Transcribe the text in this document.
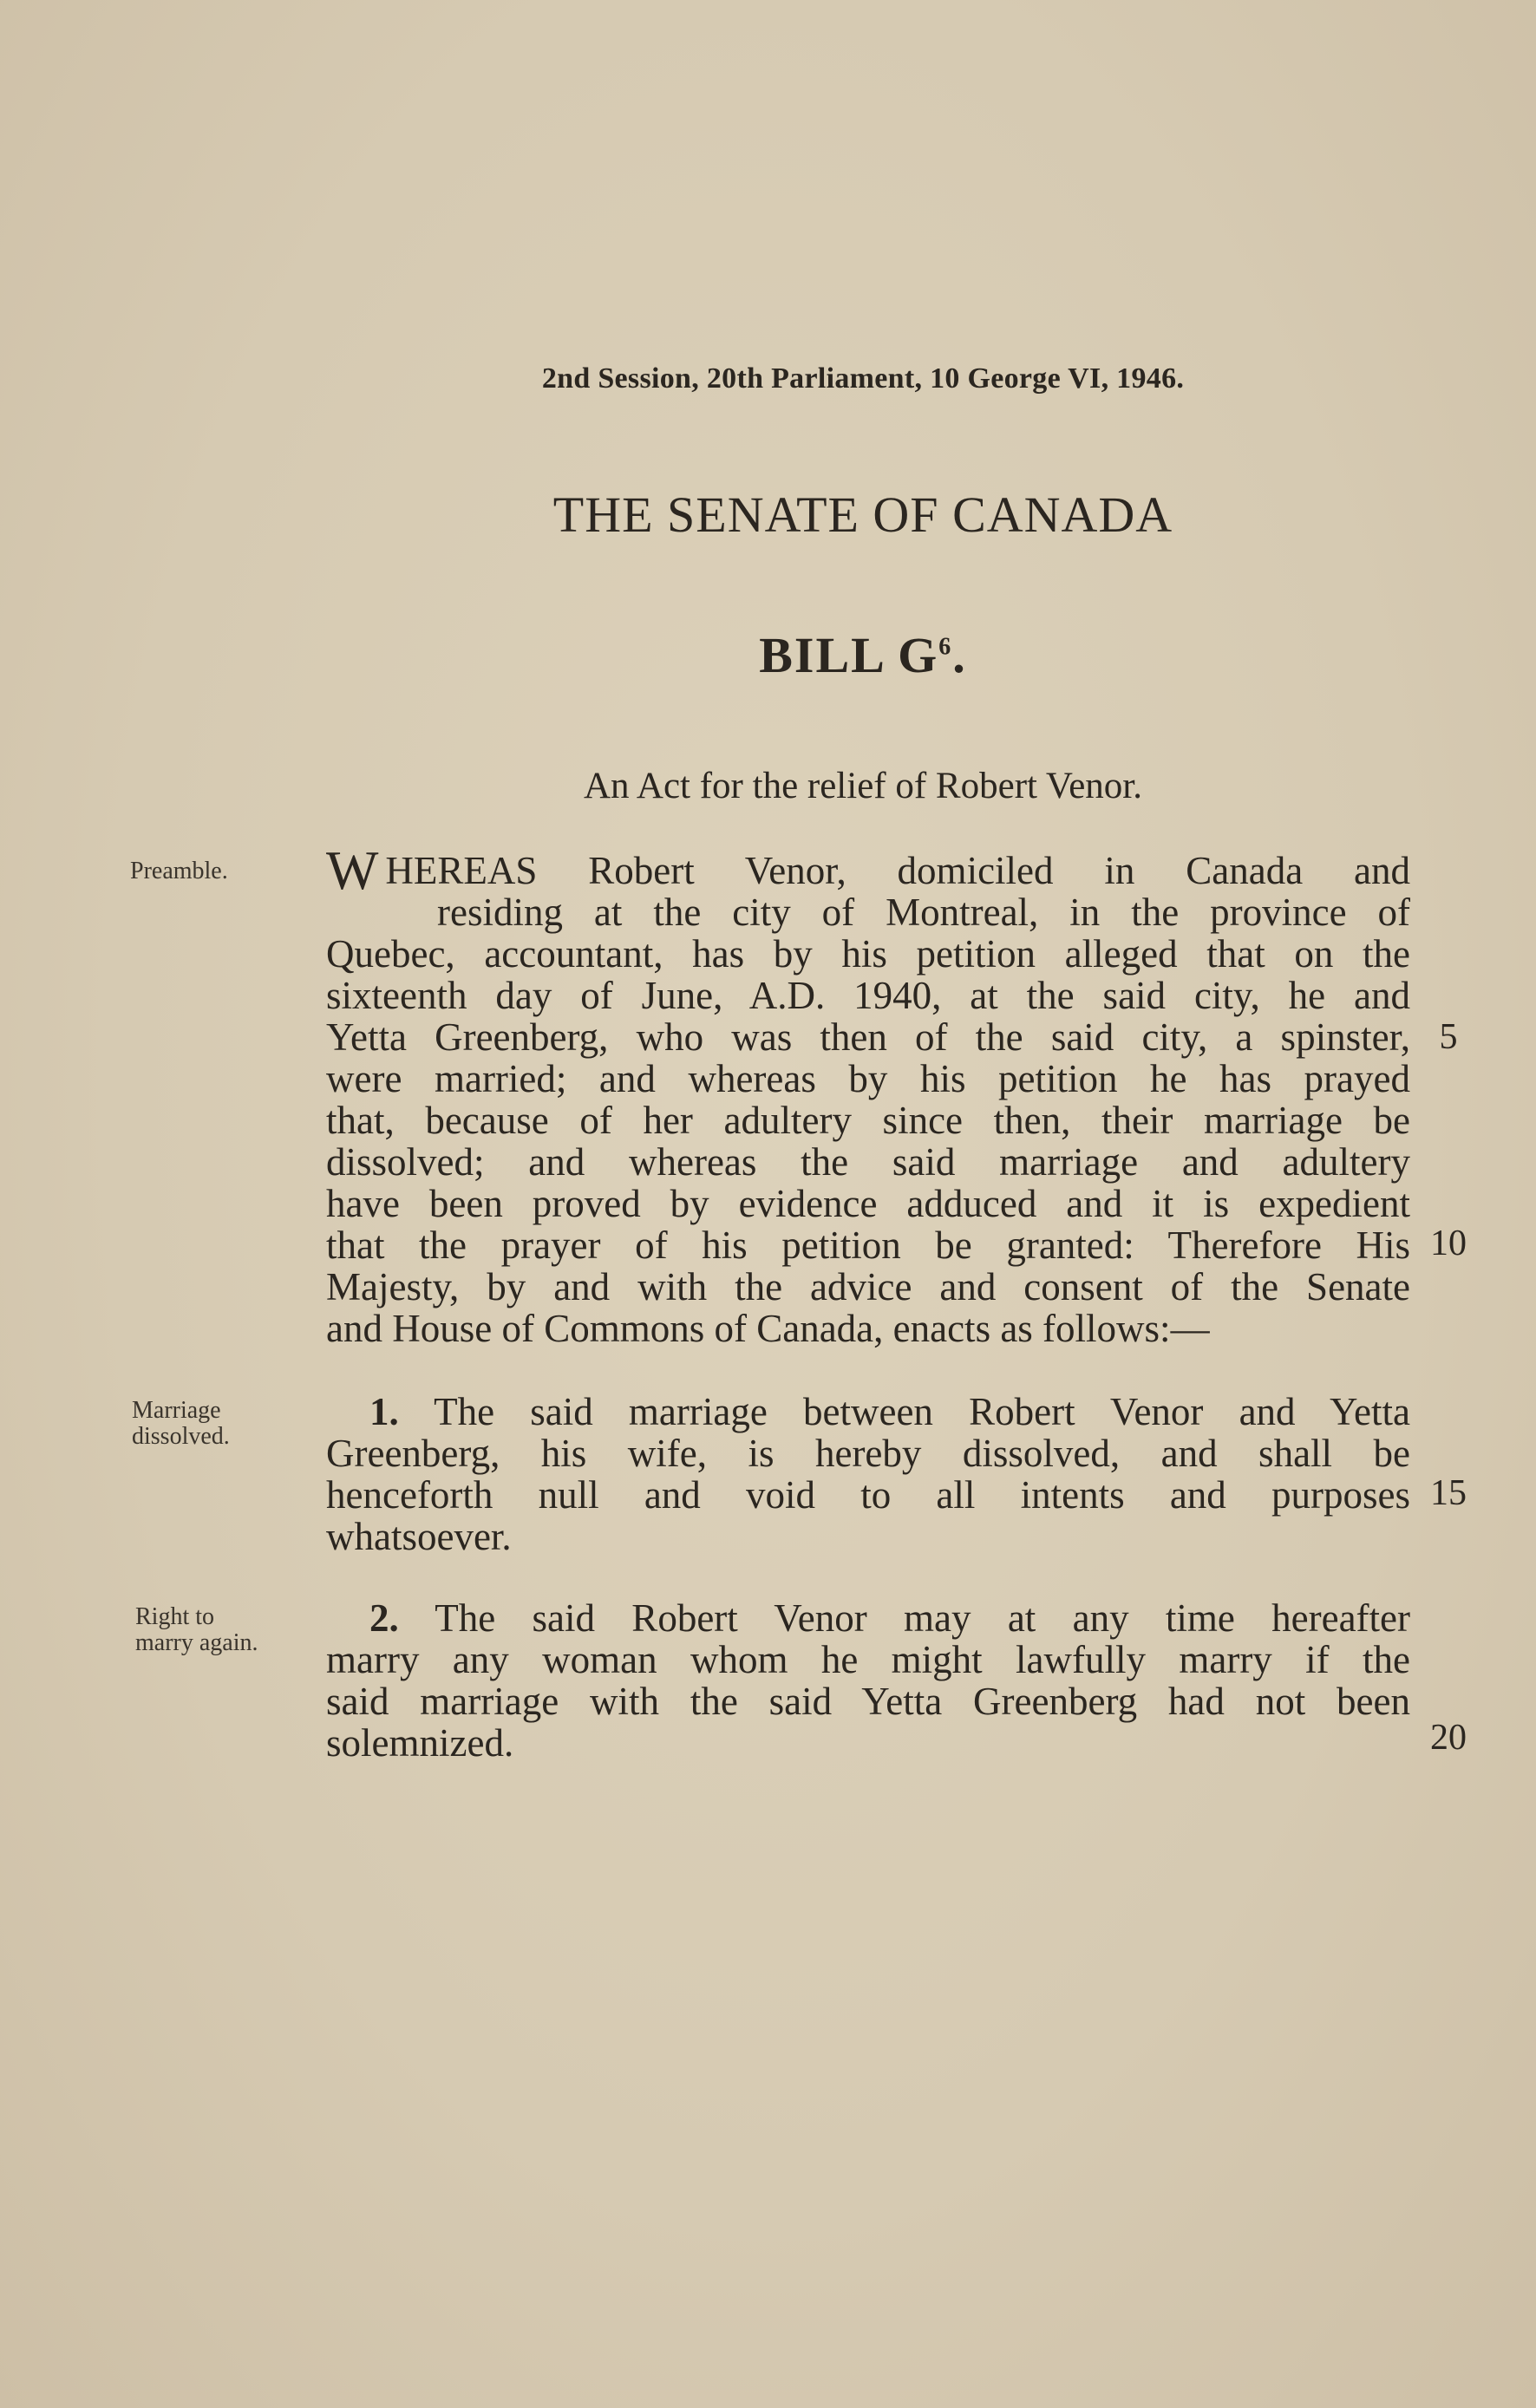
2nd Session, 20th Parliament, 10 George VI, 1946.
THE SENATE OF CANADA
BILL $G^6$.
An Act for the relief of Robert Venor.
Preamble. W HEREAS Robert Venor, domiciled in Canada and
residing at the city of Montreal, in the province of
Quebec, accountant, has by his petition alleged that on the
sixteenth day of June, A.D. 1940, at the said city, he and
Yetta Greenberg, who was then of the said city, a spinster,
were married; and whereas by his petition he has prayed
that, because of her adultery since then, their marriage be
dissolved; and whereas the said marriage and adultery
have been proved by evidence adduced and it is expedient
that the prayer of his petition be granted: Therefore His
Majesty, by and with the advice and consent of the Senate
and House of Commons of Canada, enacts as follows:—
Marriage
dissolved.
1. The said marriage between Robert Venor and Yetta
Greenberg, his wife, is hereby dissolved, and shall be
henceforth null and void to all intents and purposes
whatsoever.
Right to
marry again.
2. The said Robert Venor may at any time hereafter
marry any woman whom he might lawfully marry if the
said marriage with the said Yetta Greenberg had not been
solemnized.
5
10
15
20
